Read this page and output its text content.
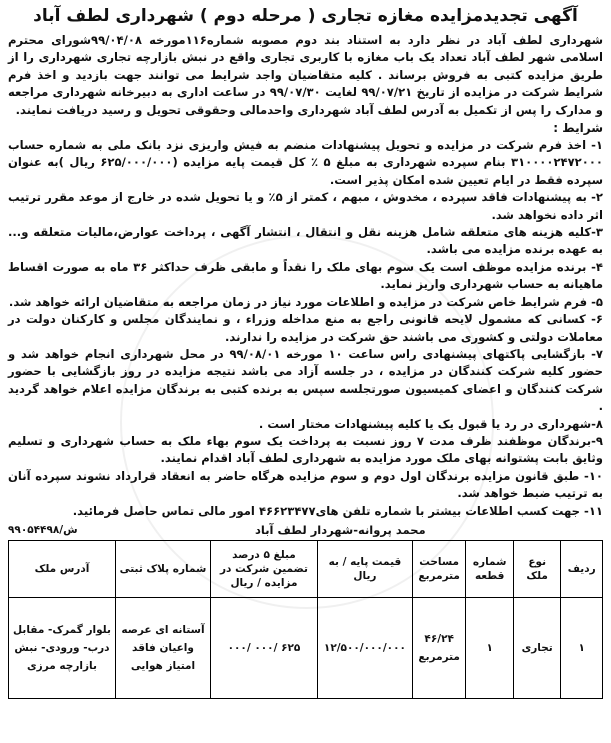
آگهی تجدیدمزایده مغازه تجاری ( مرحله دوم ) شهرداری لطف آباد

شهرداری لطف آباد در نظر دارد به استناد بند دوم مصوبه شماره۱۱۶مورخه ۹۹/۰۴/۰۸شورای محترم اسلامی شهر لطف آباد تعداد یک باب مغازه با کاربری تجاری واقع در نبش بازارچه تجاری شهرداری را از طریق مزایده کتبی به فروش برساند . کلیه متقاضیان واجد شرایط می توانند جهت بازدید و اخذ فرم شرایط شرکت در مزایده از تاریخ ۹۹/۰۷/۲۱ لغایت ۹۹/۰۷/۳۰ در ساعت اداری به دبیرخانه شهرداری مراجعه و مدارک را پس از تکمیل به آدرس لطف آباد شهرداری واحدمالی وحقوقی تحویل و رسید دریافت نمایند.

شرایط :

۱- اخذ فرم شرکت در مزایده و تحویل پیشنهادات منضم به فیش واریزی نزد بانک ملی به شماره حساب ۳۱۰۰۰۰۲۴۷۲۰۰۰ بنام سپرده شهرداری به مبلغ ۵ ٪ کل قیمت پایه مزایده (۶۲۵/۰۰۰/۰۰۰ ریال )به عنوان سپرده فقط در ایام تعیین شده امکان پذیر است.

۲- به پیشنهادات فاقد سپرده ، مخدوش ، مبهم ، کمتر از ۵٪ و یا تحویل شده در خارج از موعد مقرر ترتیب اثر داده نخواهد شد.

۳-کلیه هزینه های متعلقه شامل هزینه نقل و انتقال ، انتشار آگهی ، پرداخت عوارض،مالیات متعلقه و... به عهده برنده مزایده می باشد.

۴- برنده مزایده موظف است یک سوم بهای ملک را نقداً و مابقی ظرف حداکثر ۳۶ ماه به صورت اقساط ماهیانه به حساب شهرداری واریز نماید.

۵- فرم شرایط خاص شرکت در مزایده و اطلاعات مورد نیاز در زمان مراجعه به متقاضیان ارائه خواهد شد.

۶- کسانی که مشمول لایحه قانونی راجع به منع مداخله وزراء ، و نمایندگان مجلس و کارکنان دولت در معاملات دولتی و کشوری می باشند حق شرکت در مزایده را ندارند.

۷- بازگشایی پاکتهای پیشنهادی راس ساعت ۱۰ مورخه ۹۹/۰۸/۰۱ در محل شهرداری انجام خواهد شد و حضور کلیه شرکت کنندگان در مزایده ، در جلسه آزاد می باشد نتیجه مزایده در روز بازگشایی با حضور شرکت کنندگان و اعضای کمیسیون صورتجلسه سپس به برنده کتبی به برندگان مزایده اعلام خواهد گردید .

۸-شهرداری در رد یا قبول یک یا کلیه پیشنهادات مختار است .

۹-برندگان موظفند ظرف مدت ۷ روز نسبت به پرداخت یک سوم بهاء ملک به حساب شهرداری و تسلیم وثایق بابت پشتوانه بهای ملک مورد مزایده به شهرداری لطف آباد اقدام نمایند.

۱۰- طبق قانون مزایده برندگان اول دوم و سوم مزایده هرگاه حاضر به انعقاد قرارداد نشوند سپرده آنان به ترتیب ضبط خواهد شد.

۱۱- جهت کسب اطلاعات بیشتر با شماره تلفن های۴۶۶۲۳۴۷۷ امور مالی تماس حاصل فرمائید.

محمد پروانه-شهردار لطف آباد
۹۹۰۵۴۴۹۸/ش
ردیف	نوع ملک	شماره قطعه	مساحت مترمربع	قیمت پایه / به ریال	مبلغ ۵ درصد تضمین شرکت در مزایده / ریال	شماره پلاک ثبتی	آدرس ملک
۱	تجاری	۱	۴۶/۲۴ مترمربع	۱۲/۵۰۰/۰۰۰/۰۰۰	۶۲۵ /۰۰۰ /۰۰۰	آستانه ای عرصه واعیان فاقد امتیاز هوایی	بلوار گمرک- مقابل درب- ورودی- نبش بازارچه مرزی
